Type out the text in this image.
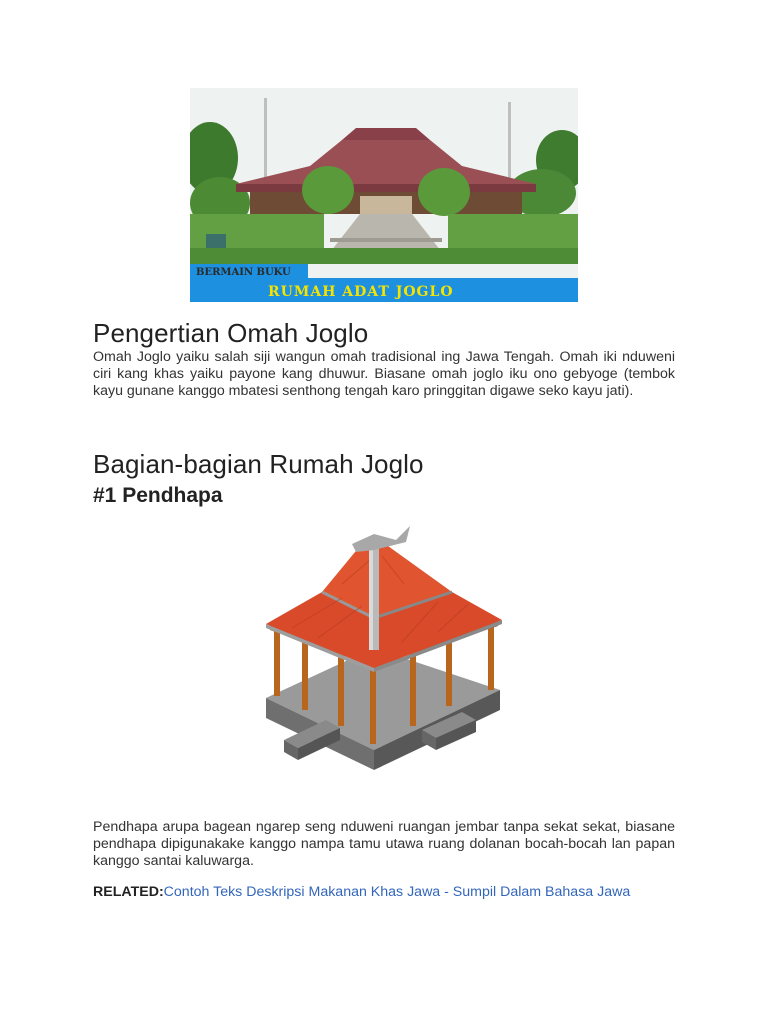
BERMAIN BUKU
RUMAH ADAT JOGLO
Pengertian Omah Joglo

Omah Joglo yaiku salah siji wangun omah tradisional ing Jawa Tengah. Omah iki nduweni ciri kang khas yaiku payone kang dhuwur. Biasane omah joglo iku ono gebyoge (tembok kayu gunane kanggo mbatesi senthong tengah karo pringgitan digawe seko kayu jati).

Bagian-bagian Rumah Joglo
#1 Pendhapa

Pendhapa arupa bagean ngarep seng nduweni ruangan jembar tanpa sekat sekat, biasane pendhapa dipigunakake kanggo nampa tamu utawa ruang dolanan bocah-bocah lan papan kanggo santai kaluwarga.

RELATED:Contoh Teks Deskripsi Makanan Khas Jawa - Sumpil Dalam Bahasa Jawa
